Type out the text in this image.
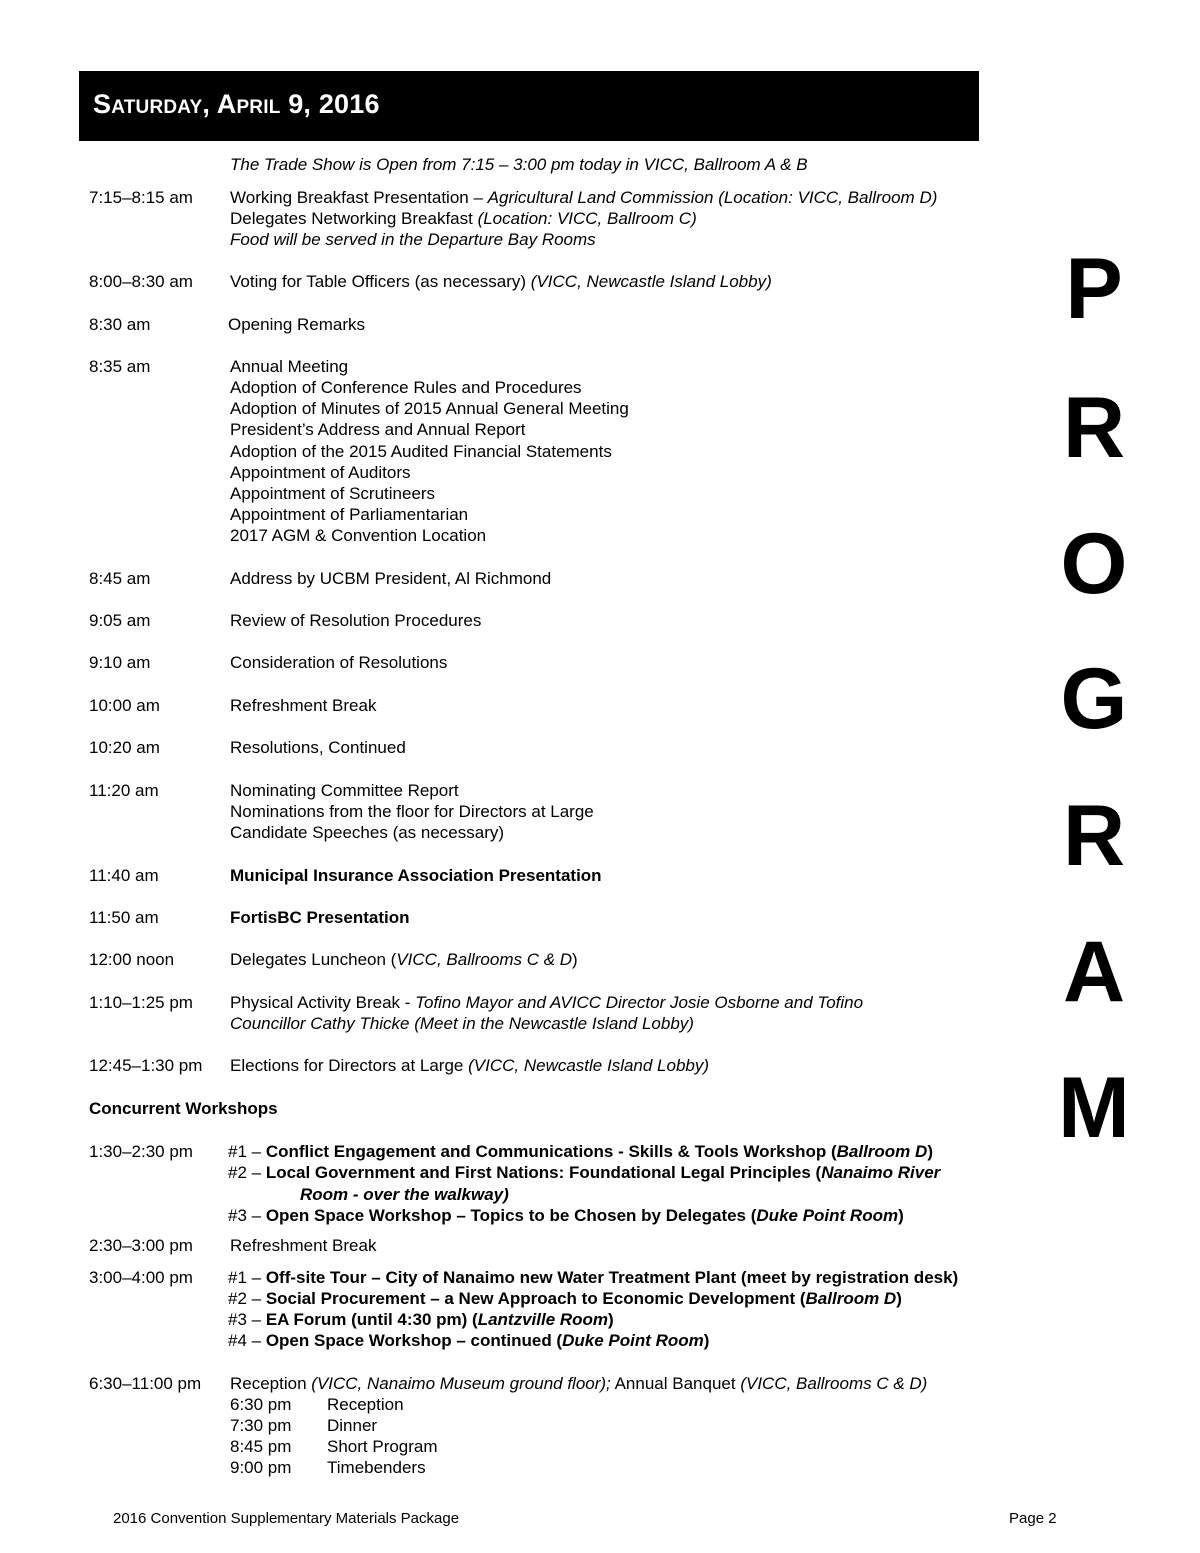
Saturday, April 9, 2016
The Trade Show is Open from 7:15 – 3:00 pm today in VICC, Ballroom A & B
7:15–8:15 am Working Breakfast Presentation – Agricultural Land Commission (Location: VICC, Ballroom D)
Delegates Networking Breakfast (Location: VICC, Ballroom C)
Food will be served in the Departure Bay Rooms
8:00–8:30 am Voting for Table Officers (as necessary) (VICC, Newcastle Island Lobby)
8:30 am	Opening Remarks
8:35 am	Annual Meeting
Adoption of Conference Rules and Procedures
Adoption of Minutes of 2015 Annual General Meeting
President’s Address and Annual Report
Adoption of the 2015 Audited Financial Statements
Appointment of Auditors
Appointment of Scrutineers
Appointment of Parliamentarian
2017 AGM & Convention Location
8:45 am	Address by UCBM President, Al Richmond
9:05 am	Review of Resolution Procedures
9:10 am	Consideration of Resolutions
10:00 am	Refreshment Break
10:20 am	Resolutions, Continued
11:20 am	Nominating Committee Report
Nominations from the floor for Directors at Large
Candidate Speeches (as necessary)
11:40 am	Municipal Insurance Association Presentation
11:50 am	FortisBC Presentation
12:00 noon	Delegates Luncheon (VICC, Ballrooms C & D)
1:10–1:25 pm Physical Activity Break - Tofino Mayor and AVICC Director Josie Osborne and Tofino
Councillor Cathy Thicke (Meet in the Newcastle Island Lobby)
12:45–1:30 pm Elections for Directors at Large (VICC, Newcastle Island Lobby)
Concurrent Workshops
1:30–2:30 pm #1 – Conflict Engagement and Communications - Skills & Tools Workshop (Ballroom D)
#2 – Local Government and First Nations: Foundational Legal Principles (Nanaimo River
Room - over the walkway)
#3 – Open Space Workshop – Topics to be Chosen by Delegates (Duke Point Room)
2:30–3:00 pm Refreshment Break
3:00–4:00 pm #1 – Off-site Tour – City of Nanaimo new Water Treatment Plant (meet by registration desk)
#2 – Social Procurement – a New Approach to Economic Development (Ballroom D)
#3 – EA Forum (until 4:30 pm) (Lantzville Room)
#4 – Open Space Workshop – continued (Duke Point Room)
6:30–11:00 pm Reception (VICC, Nanaimo Museum ground floor); Annual Banquet (VICC, Ballrooms C & D)
6:30 pm Reception
7:30 pm Dinner
8:45 pm Short Program
9:00 pm Timebenders
P
R
O
G
R
A
M
2016 Convention Supplementary Materials Package	Page 2
